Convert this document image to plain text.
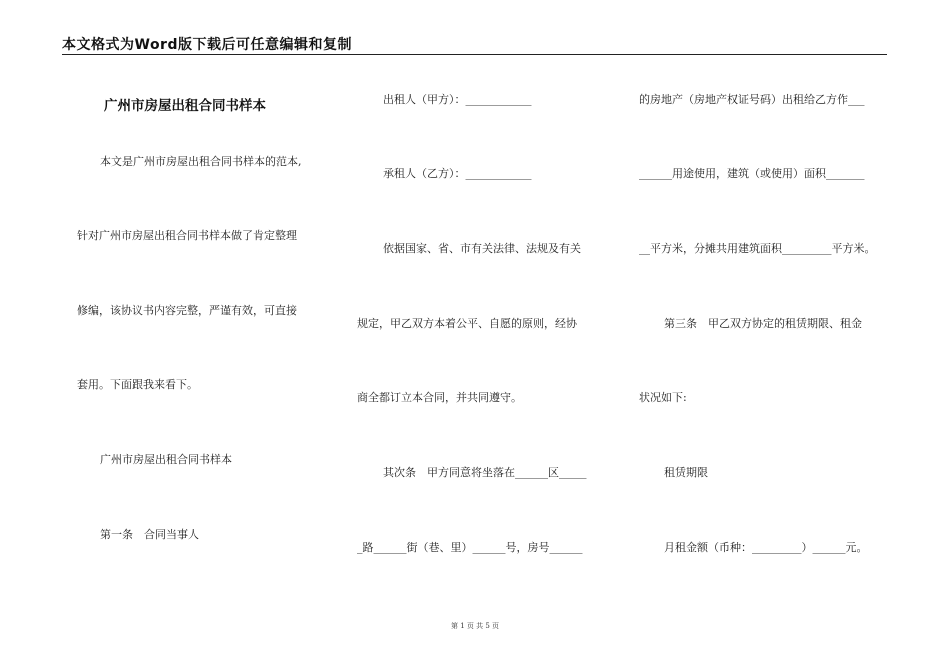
本文格式为Word版下载后可任意编辑和复制
广州市房屋出租合同书样本
本文是广州市房屋出租合同书样本的范本,
针对广州市房屋出租合同书样本做了肯定整理
修编，该协议书内容完整，严谨有效，可直接
套用。下面跟我来看下。
广州市房屋出租合同书样本
第一条　合同当事人
出租人（甲方）：____________
承租人（乙方）：____________
依据国家、省、市有关法律、法规及有关
规定，甲乙双方本着公平、自愿的原则，经协
商全都订立本合同，并共同遵守。
其次条　甲方同意将坐落在______区_____
_路______街（巷、里）______号，房号______
的房地产（房地产权证号码）出租给乙方作___
______用途使用，建筑（或使用）面积_______
__平方米，分摊共用建筑面积_________平方米。
第三条　甲乙双方协定的租赁期限、租金
状况如下:
租赁期限
月租金额（币种：_________）______元。
第 1 页 共 5 页
